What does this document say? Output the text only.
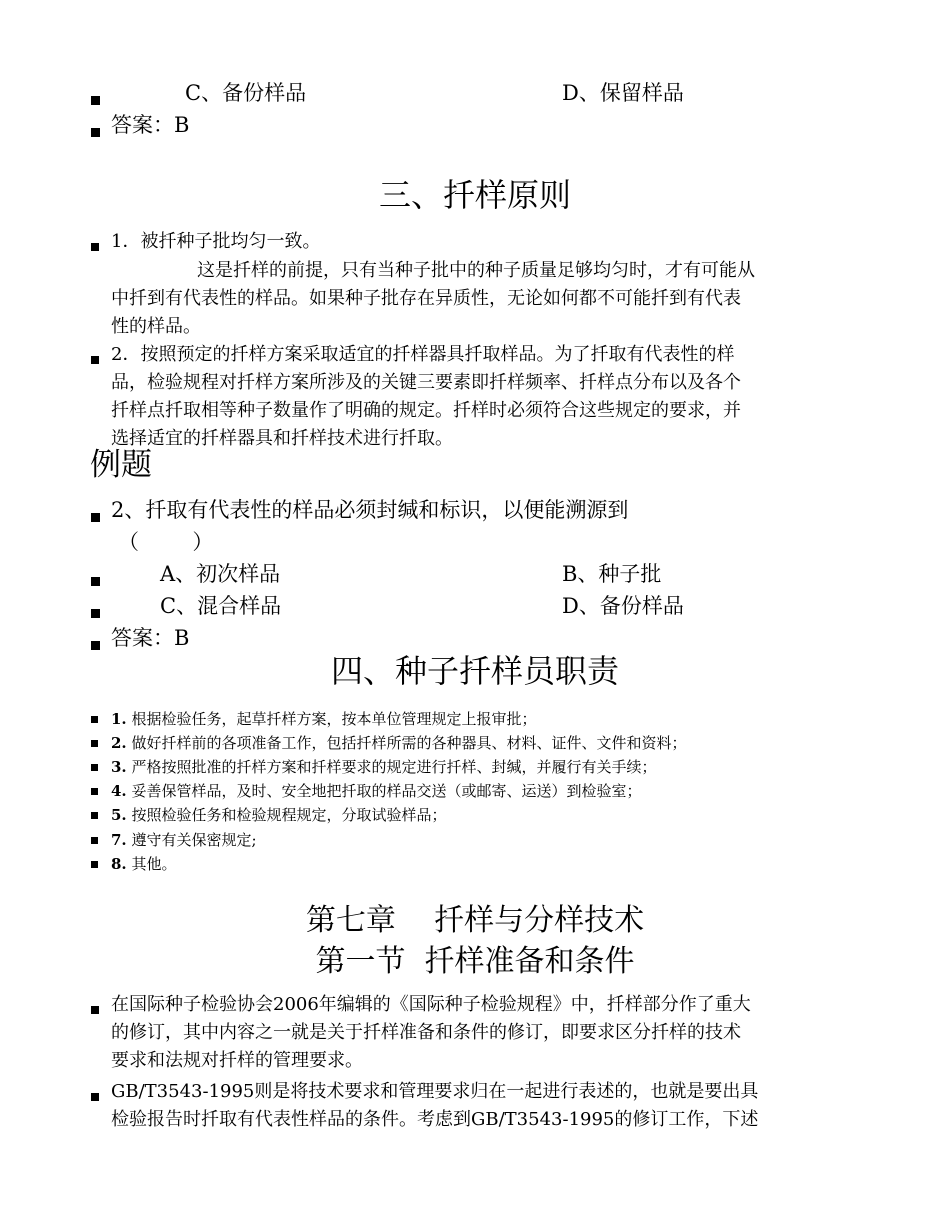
C、备份样品	D、保留样品
答案：B
三、扦样原则
1．被扦种子批均匀一致。
这是扦样的前提，只有当种子批中的种子质量足够均匀时，才有可能从
中扦到有代表性的样品。如果种子批存在异质性，无论如何都不可能扦到有代表
性的样品。
2．按照预定的扦样方案采取适宜的扦样器具扦取样品。为了扦取有代表性的样
品，检验规程对扦样方案所涉及的关键三要素即扦样频率、扦样点分布以及各个
扦样点扦取相等种子数量作了明确的规定。扦样时必须符合这些规定的要求，并
选择适宜的扦样器具和扦样技术进行扦取。
例题
2、扦取有代表性的样品必须封缄和标识，以便能溯源到
（        ）
A、初次样品	B、种子批
C、混合样品	D、备份样品
答案：B
四、种子扦样员职责
1. 根据检验任务，起草扦样方案，按本单位管理规定上报审批；
2. 做好扦样前的各项准备工作，包括扦样所需的各种器具、材料、证件、文件和资料；
3. 严格按照批准的扦样方案和扦样要求的规定进行扦样、封缄，并履行有关手续；
4. 妥善保管样品，及时、安全地把扦取的样品交送（或邮寄、运送）到检验室；
5. 按照检验任务和检验规程规定，分取试验样品；
7. 遵守有关保密规定;
8. 其他。
第七章    扦样与分样技术
第一节  扦样准备和条件
在国际种子检验协会2006年编辑的《国际种子检验规程》中，扦样部分作了重大
的修订，其中内容之一就是关于扦样准备和条件的修订，即要求区分扦样的技术
要求和法规对扦样的管理要求。
GB/T3543-1995则是将技术要求和管理要求归在一起进行表述的，也就是要出具
检验报告时扦取有代表性样品的条件。考虑到GB/T3543-1995的修订工作，下述
